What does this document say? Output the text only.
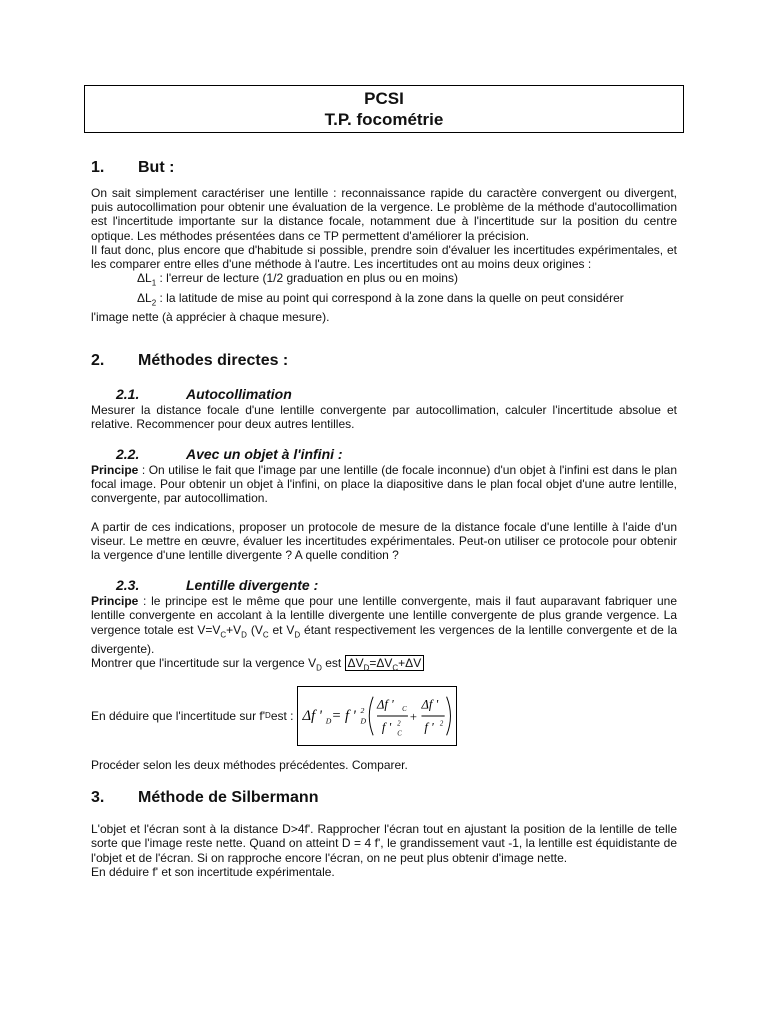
PCSI
T.P. focométrie
1.	But :

On sait simplement caractériser une lentille : reconnaissance rapide du caractère convergent ou divergent, puis autocollimation pour obtenir une évaluation de la vergence. Le problème de la méthode d'autocollimation est l'incertitude importante sur la distance focale, notamment due à l'incertitude sur la position du centre optique. Les méthodes présentées dans ce TP permettent d'améliorer la précision.

Il faut donc, plus encore que d'habitude si possible, prendre soin d'évaluer les incertitudes expérimentales, et les comparer entre elles d'une méthode à l'autre. Les incertitudes ont au moins deux origines :

$\Delta L_1$ : l'erreur de lecture (1/2 graduation en plus ou en moins)

$\Delta L_2$ : la latitude de mise au point qui correspond à la zone dans la quelle on peut considérer

l'image nette (à apprécier à chaque mesure).

2.	Méthodes directes :
2.1.	Autocollimation

Mesurer la distance focale d'une lentille convergente par autocollimation, calculer l'incertitude absolue et relative. Recommencer pour deux autres lentilles.

2.2.	Avec un objet à l'infini :

Principe : On utilise le fait que l'image par une lentille (de focale inconnue) d'un objet à l'infini est dans le plan focal image. Pour obtenir un objet à l'infini, on place la diapositive dans le plan focal objet d'une autre lentille, convergente, par autocollimation.

A partir de ces indications, proposer un protocole de mesure de la distance focale d'une lentille à l'aide d'un viseur. Le mettre en œuvre, évaluer les incertitudes expérimentales. Peut-on utiliser ce protocole pour obtenir la vergence d'une lentille divergente ? A quelle condition ?

2.3.	Lentille divergente :

Principe : le principe est le même que pour une lentille convergente, mais il faut auparavant fabriquer une lentille convergente en accolant à la lentille divergente une lentille convergente de plus grande vergence. La vergence totale est $V=V_C+V_D$ ($V_C$ et $V_D$ étant respectivement les vergences de la lentille convergente et de la divergente).

Montrer que l'incertitude sur la vergence $V_D$ est $\Delta V_D=\Delta V_C+\Delta V$

En déduire que l'incertitude sur f' D est : Δf ' D = f ' 2
D
Δf ' C
f ' 2
C
+
Δf '
f ' 2

Procéder selon les deux méthodes précédentes. Comparer.

3.	Méthode de Silbermann

L'objet et l'écran sont à la distance D>4f'. Rapprocher l'écran tout en ajustant la position de la lentille de telle sorte que l'image reste nette. Quand on atteint D = 4 f', le grandissement vaut -1, la lentille est équidistante de l'objet et de l'écran. Si on rapproche encore l'écran, on ne peut plus obtenir d'image nette.

En déduire f' et son incertitude expérimentale.
